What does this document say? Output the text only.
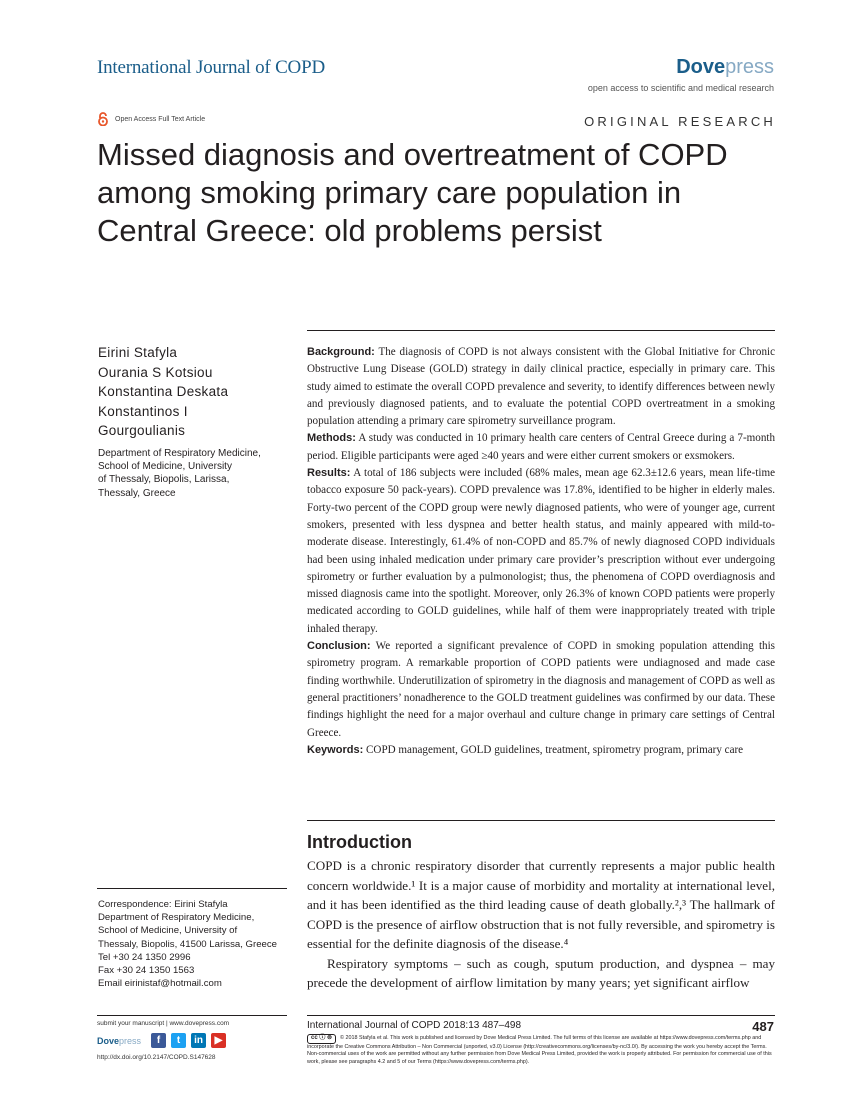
International Journal of COPD	Dovepress
open access to scientific and medical research
Open Access Full Text Article	ORIGINAL RESEARCH
Missed diagnosis and overtreatment of COPD
among smoking primary care population in
Central Greece: old problems persist
Eirini Stafyla
Ourania S Kotsiou
Konstantina Deskata
Konstantinos I
Gourgoulianis
Department of Respiratory Medicine,
School of Medicine, University
of Thessaly, Biopolis, Larissa,
Thessaly, Greece

Background: The diagnosis of COPD is not always consistent with the Global Initiative for Chronic Obstructive Lung Disease (GOLD) strategy in daily clinical practice, especially in primary care. This study aimed to estimate the overall COPD prevalence and severity, to identify differences between newly and previously diagnosed patients, and to evaluate the potential COPD overtreatment in a smoking population attending a primary care spirometry surveillance program.

Methods: A study was conducted in 10 primary health care centers of Central Greece during a 7-month period. Eligible participants were aged ≥40 years and were either current smokers or exsmokers.

Results: A total of 186 subjects were included (68% males, mean age 62.3±12.6 years, mean life-time tobacco exposure 50 pack-years). COPD prevalence was 17.8%, identified to be higher in elderly males. Forty-two percent of the COPD group were newly diagnosed patients, who were of younger age, current smokers, presented with less dyspnea and better health status, and mainly appeared with mild-to-moderate disease. Interestingly, 61.4% of non-COPD and 85.7% of newly diagnosed COPD individuals had been using inhaled medication under primary care provider’s prescription without ever undergoing spirometry or further evaluation by a pulmonologist; thus, the phenomena of COPD overdiagnosis and missed diagnosis came into the spotlight. Moreover, only 26.3% of known COPD patients were properly medicated according to GOLD guidelines, while half of them were inappropriately treated with triple inhaled therapy.

Conclusion: We reported a significant prevalence of COPD in smoking population attending this spirometry program. A remarkable proportion of COPD patients were undiagnosed and made case finding worthwhile. Underutilization of spirometry in the diagnosis and management of COPD as well as general practitioners’ nonadherence to the GOLD treatment guidelines was confirmed by our data. These findings highlight the need for a major overhaul and culture change in primary care settings of Central Greece.

Keywords: COPD management, GOLD guidelines, treatment, spirometry program, primary care

Introduction

COPD is a chronic respiratory disorder that currently represents a major public health concern worldwide.¹ It is a major cause of morbidity and mortality at international level, and it has been identified as the third leading cause of death globally.²,³ The hallmark of COPD is the presence of airflow obstruction that is not fully reversible, and spirometry is essential for the definite diagnosis of the disease.⁴

Respiratory symptoms – such as cough, sputum production, and dyspnea – may precede the development of airflow limitation by many years; yet significant airflow

Correspondence: Eirini Stafyla
Department of Respiratory Medicine,
School of Medicine, University of
Thessaly, Biopolis, 41500 Larissa, Greece
Tel +30 24 1350 2996
Fax +30 24 1350 1563
Email eirinistaf@hotmail.com
submit your manuscript | www.dovepress.com
Dovepress	f	t	in	▶
http://dx.doi.org/10.2147/COPD.S147628
International Journal of COPD 2018:13 487–498	487
cc ⓘ ⊜ © 2018 Stafyla et al. This work is published and licensed by Dove Medical Press Limited. The full terms of this license are available at https://www.dovepress.com/terms.php and incorporate the Creative Commons Attribution – Non Commercial (unported, v3.0) License (http://creativecommons.org/licenses/by-nc/3.0/). By accessing the work you hereby accept the Terms. Non-commercial uses of the work are permitted without any further permission from Dove Medical Press Limited, provided the work is properly attributed. For permission for commercial use of this work, please see paragraphs 4.2 and 5 of our Terms (https://www.dovepress.com/terms.php).
